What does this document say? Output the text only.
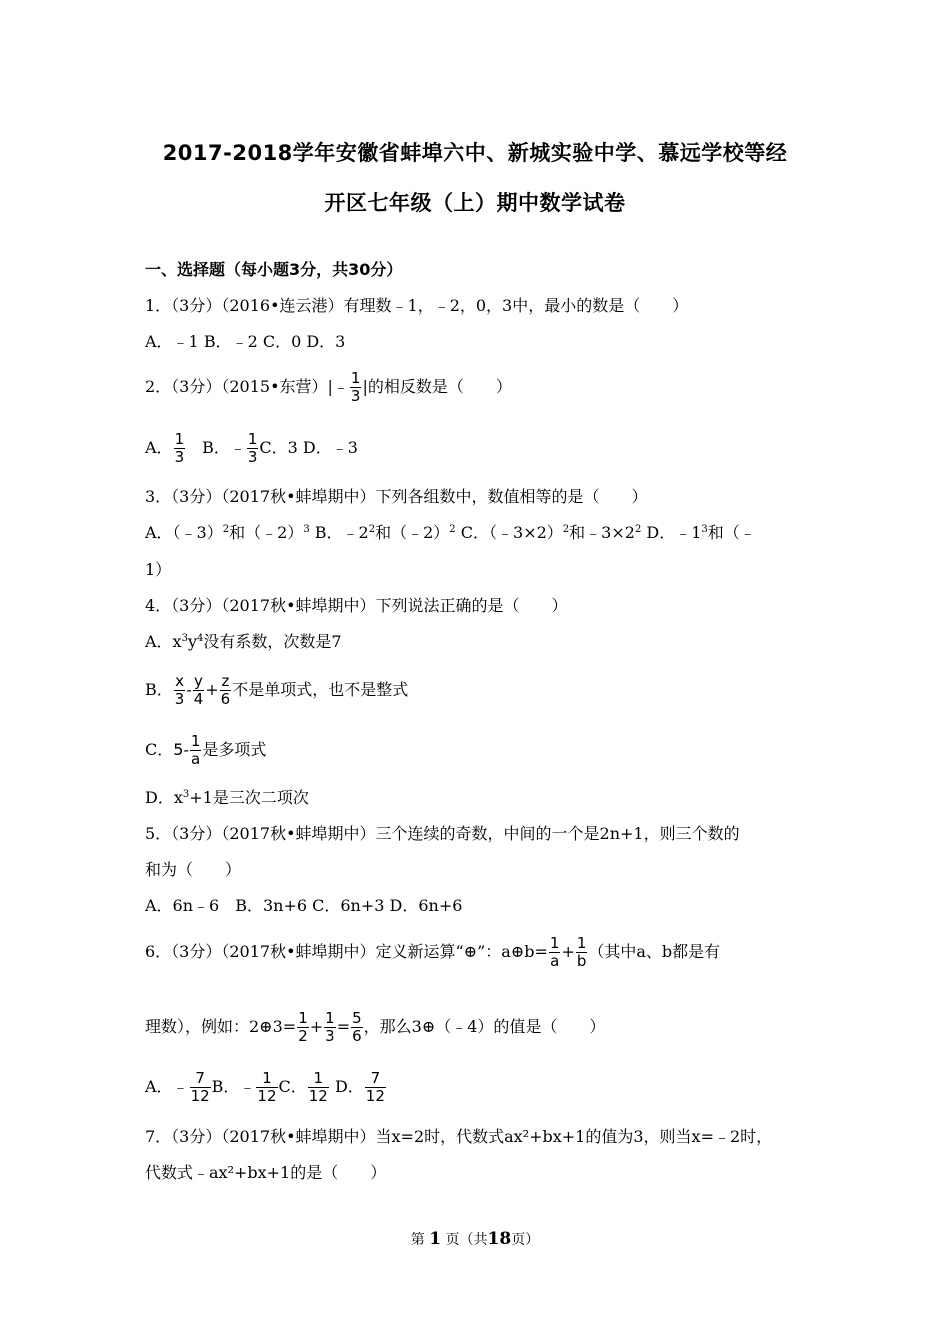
2017-2018学年安徽省蚌埠六中、新城实验中学、慕远学校等经
开区七年级（上）期中数学试卷
一、选择题（每小题3分，共30分）
1．（3分）（2016•连云港）有理数﹣1，﹣2，0，3中，最小的数是（　　）
A．﹣1 B．﹣2 C．0 D．3
2．（3分）（2015•东营）|﹣ $\frac{1}{3}$ |的相反数是（　　）
A． $\frac{1}{3}$ 　B．﹣ $\frac{1}{3}$ C．3 D．﹣3
3．（3分）（2017秋•蚌埠期中）下列各组数中，数值相等的是（　　）
A．（﹣3）$^2$和（﹣2）$^3$ B．$﹣2^2$和（﹣2）$^2$ C．（﹣3×2）$^2$和$﹣3\times 2^2$ D．$﹣1^3$和（﹣
1）
4．（3分）（2017秋•蚌埠期中）下列说法正确的是（　　）
A．$x^3y^4$没有系数，次数是7
B． $\frac{x}{3} - \frac{y}{4} + \frac{z}{6}$ 不是单项式，也不是整式
C．$5- \frac{1}{a}$ 是多项式
D．$x^3+1$是三次二项次
5．（3分）（2017秋•蚌埠期中）三个连续的奇数，中间的一个是2n+1，则三个数的
和为（　　）
A．6n﹣6　B．3n+6 C．6n+3 D．6n+6
6．（3分）（2017秋•蚌埠期中）定义新运算“⊕”：a⊕b= $\frac{1}{a} + \frac{1}{b}$ （其中a、b都是有
理数），例如：2⊕3= $\frac{1}{2} + \frac{1}{3} = \frac{5}{6}$ ，那么3⊕（﹣4）的值是（　　）
A．﹣ $\frac{7}{12}$ B．﹣ $\frac{1}{12}$ C． $\frac{1}{12}$ D． $\frac{7}{12}$
7．（3分）（2017秋•蚌埠期中）当x=2时，代数式ax²+bx+1的值为3，则当x=﹣2时，
代数式﹣ax²+bx+1的是（　　）
第 1 页（共18页）
